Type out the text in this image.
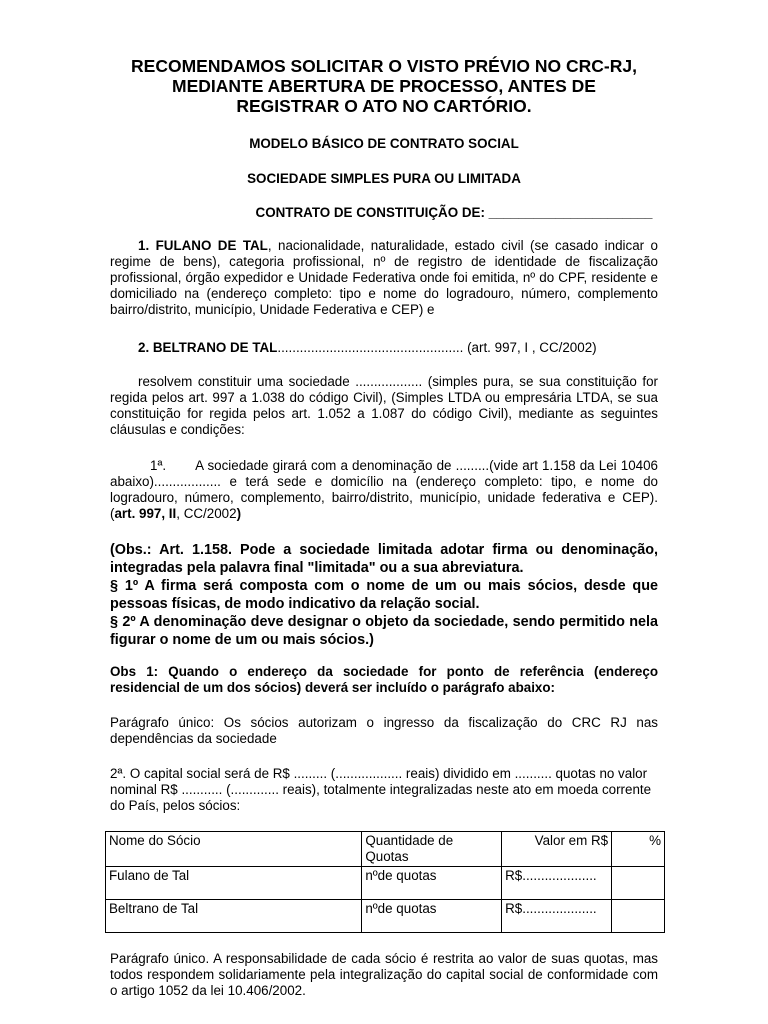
RECOMENDAMOS SOLICITAR O VISTO PRÉVIO NO CRC-RJ,
MEDIANTE ABERTURA DE PROCESSO, ANTES DE
REGISTRAR O ATO NO CARTÓRIO.
MODELO BÁSICO DE CONTRATO SOCIAL
SOCIEDADE SIMPLES PURA OU LIMITADA
CONTRATO DE CONSTITUIÇÃO DE: ______________________

1. FULANO DE TAL, nacionalidade, naturalidade, estado civil (se casado indicar o regime de bens), categoria profissional, nº de registro de identidade de fiscalização profissional, órgão expedidor e Unidade Federativa onde foi emitida, nº do CPF, residente e domiciliado na (endereço completo: tipo e nome do logradouro, número, complemento bairro/distrito, município, Unidade Federativa e CEP) e

2. BELTRANO DE TAL.................................................. (art. 997, I , CC/2002)

resolvem constituir uma sociedade .................. (simples pura, se sua constituição for regida pelos art. 997 a 1.038 do código Civil), (Simples LTDA ou empresária LTDA, se sua constituição for regida pelos art. 1.052 a 1.087 do código Civil), mediante as seguintes cláusulas e condições:

1ª. A sociedade girará com a denominação de .........(vide art 1.158 da Lei 10406 abaixo).................. e terá sede e domicílio na (endereço completo: tipo, e nome do logradouro, número, complemento, bairro/distrito, município, unidade federativa e CEP). (art. 997, II, CC/2002)

(Obs.: Art. 1.158. Pode a sociedade limitada adotar firma ou denominação, integradas pela palavra final "limitada" ou a sua abreviatura.
§ 1º A firma será composta com o nome de um ou mais sócios, desde que pessoas físicas, de modo indicativo da relação social.
§ 2º A denominação deve designar o objeto da sociedade, sendo permitido nela figurar o nome de um ou mais sócios.)

Obs 1: Quando o endereço da sociedade for ponto de referência (endereço residencial de um dos sócios) deverá ser incluído o parágrafo abaixo:

Parágrafo único: Os sócios autorizam o ingresso da fiscalização do CRC RJ nas dependências da sociedade

2ª. O capital social será de R$ ......... (.................. reais) dividido em .......... quotas no valor nominal R$ ........... (............. reais), totalmente integralizadas neste ato em moeda corrente do País, pelos sócios:

Nome do Sócio	Quantidade de Quotas	Valor em R$	%
Fulano de Tal	nºde quotas	R$....................	
Beltrano de Tal	nºde quotas	R$....................	

Parágrafo único. A responsabilidade de cada sócio é restrita ao valor de suas quotas, mas todos respondem solidariamente pela integralização do capital social de conformidade com o artigo 1052 da lei 10.406/2002.
